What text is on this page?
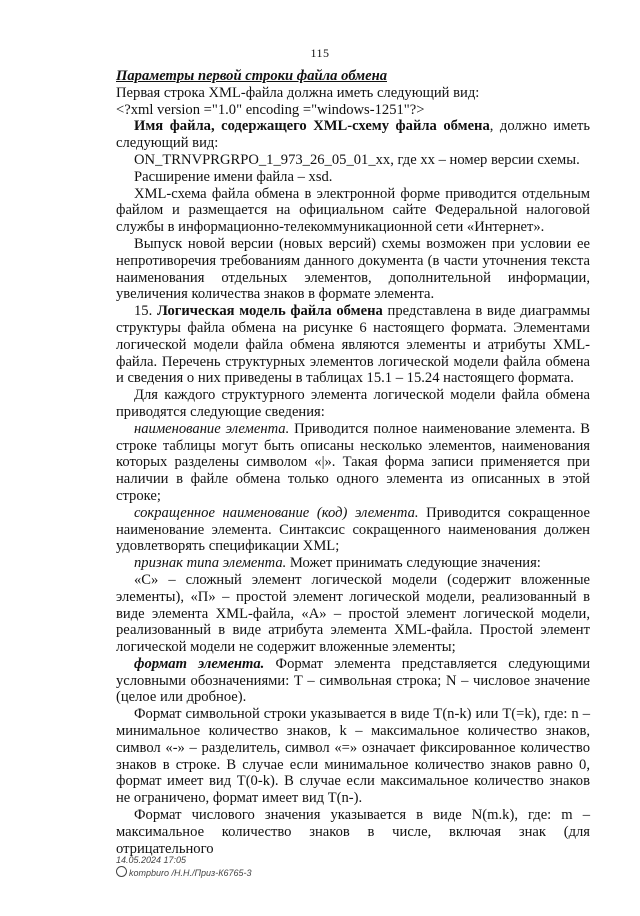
115

Параметры первой строки файла обмена

Первая строка XML-файла должна иметь следующий вид:

<?xml version ="1.0" encoding ="windows-1251"?>

Имя файла, содержащего XML-схему файла обмена, должно иметь следующий вид:

ON_TRNVPRGRPO_1_973_26_05_01_xx, где хх – номер версии схемы.

Расширение имени файла – xsd.

XML-схема файла обмена в электронной форме приводится отдельным файлом и размещается на официальном сайте Федеральной налоговой службы в информационно-телекоммуникационной сети «Интернет».

Выпуск новой версии (новых версий) схемы возможен при условии ее непротиворечия требованиям данного документа (в части уточнения текста наименования отдельных элементов, дополнительной информации, увеличения количества знаков в формате элемента.

15. Логическая модель файла обмена представлена в виде диаграммы структуры файла обмена на рисунке 6 настоящего формата. Элементами логической модели файла обмена являются элементы и атрибуты XML-файла. Перечень структурных элементов логической модели файла обмена и сведения о них приведены в таблицах 15.1 – 15.24 настоящего формата.

Для каждого структурного элемента логической модели файла обмена приводятся следующие сведения:

наименование элемента. Приводится полное наименование элемента. В строке таблицы могут быть описаны несколько элементов, наименования которых разделены символом «|». Такая форма записи применяется при наличии в файле обмена только одного элемента из описанных в этой строке;

сокращенное наименование (код) элемента. Приводится сокращенное наименование элемента. Синтаксис сокращенного наименования должен удовлетворять спецификации XML;

признак типа элемента. Может принимать следующие значения:

«С» – сложный элемент логической модели (содержит вложенные элементы), «П» – простой элемент логической модели, реализованный в виде элемента XML-файла, «А» – простой элемент логической модели, реализованный в виде атрибута элемента XML-файла. Простой элемент логической модели не содержит вложенные элементы;

формат элемента. Формат элемента представляется следующими условными обозначениями: Т – символьная строка; N – числовое значение (целое или дробное).

Формат символьной строки указывается в виде Т(n-k) или Т(=k), где: n – минимальное количество знаков, k – максимальное количество знаков, символ «-» – разделитель, символ «=» означает фиксированное количество знаков в строке. В случае если минимальное количество знаков равно 0, формат имеет вид Т(0-k). В случае если максимальное количество знаков не ограничено, формат имеет вид Т(n-).

Формат числового значения указывается в виде N(m.k), где: m – максимальное количество знаков в числе, включая знак (для отрицательного

14.05.2024 17:05
kompburo /Н.Н./Приз-К6765-3
